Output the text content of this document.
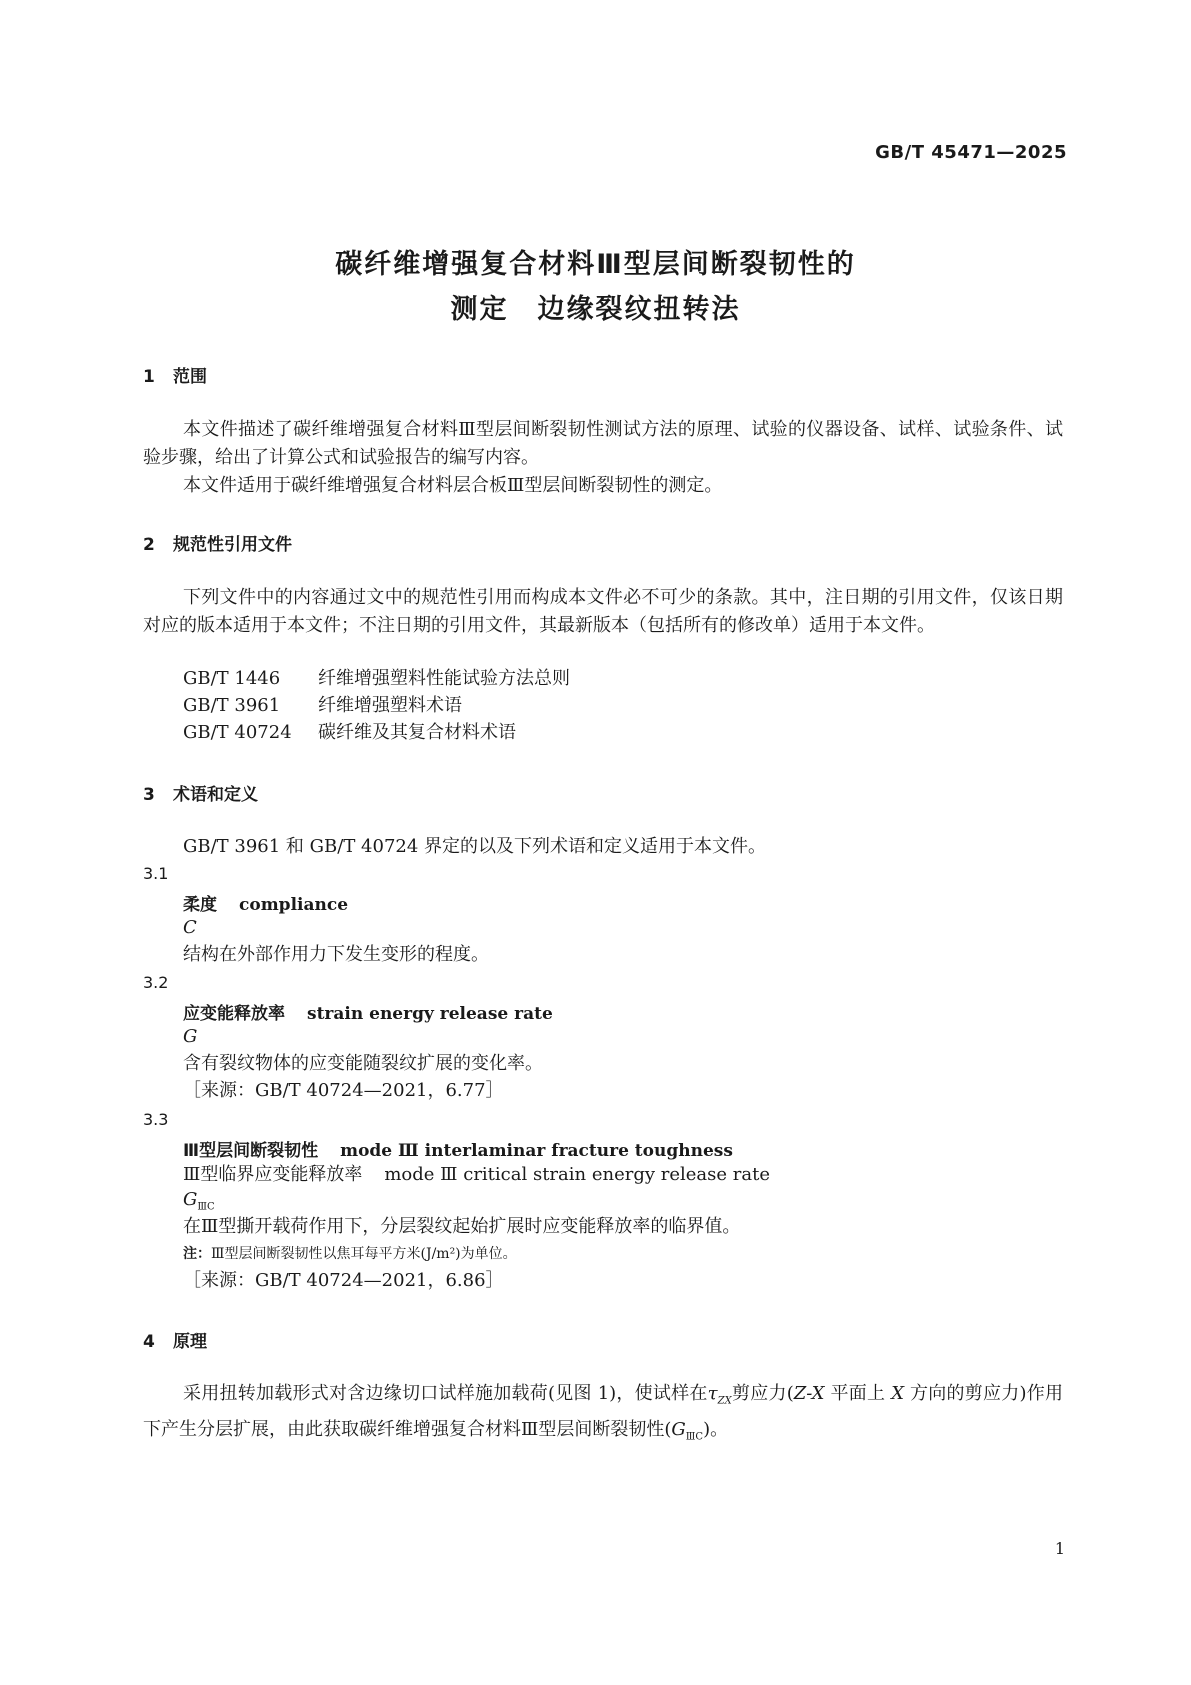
GB/T 45471—2025
碳纤维增强复合材料Ⅲ型层间断裂韧性的
测定　边缘裂纹扭转法
1 范围
本文件描述了碳纤维增强复合材料Ⅲ型层间断裂韧性测试方法的原理、试验的仪器设备、试样、试验条件、试验步骤，给出了计算公式和试验报告的编写内容。
本文件适用于碳纤维增强复合材料层合板Ⅲ型层间断裂韧性的测定。
2 规范性引用文件
下列文件中的内容通过文中的规范性引用而构成本文件必不可少的条款。其中，注日期的引用文件，仅该日期对应的版本适用于本文件；不注日期的引用文件，其最新版本（包括所有的修改单）适用于本文件。
GB/T 1446 纤维增强塑料性能试验方法总则
GB/T 3961 纤维增强塑料术语
GB/T 40724 碳纤维及其复合材料术语
3 术语和定义
GB/T 3961 和 GB/T 40724 界定的以及下列术语和定义适用于本文件。
3.1
柔度 compliance
C
结构在外部作用力下发生变形的程度。
3.2
应变能释放率 strain energy release rate
G
含有裂纹物体的应变能随裂纹扩展的变化率。
［来源：GB/T 40724—2021，6.77］
3.3
Ⅲ型层间断裂韧性 mode Ⅲ interlaminar fracture toughness
Ⅲ型临界应变能释放率 mode Ⅲ critical strain energy release rate
$G_{ⅢC}$
在Ⅲ型撕开载荷作用下，分层裂纹起始扩展时应变能释放率的临界值。
注：Ⅲ型层间断裂韧性以焦耳每平方米(J/m²)为单位。
［来源：GB/T 40724—2021，6.86］
4 原理
采用扭转加载形式对含边缘切口试样施加载荷(见图 1)，使试样在$\tau_{ZX}$剪应力(Z-X 平面上 X 方向的剪应力)作用下产生分层扩展，由此获取碳纤维增强复合材料Ⅲ型层间断裂韧性$(G_{ⅢC})$。
1
